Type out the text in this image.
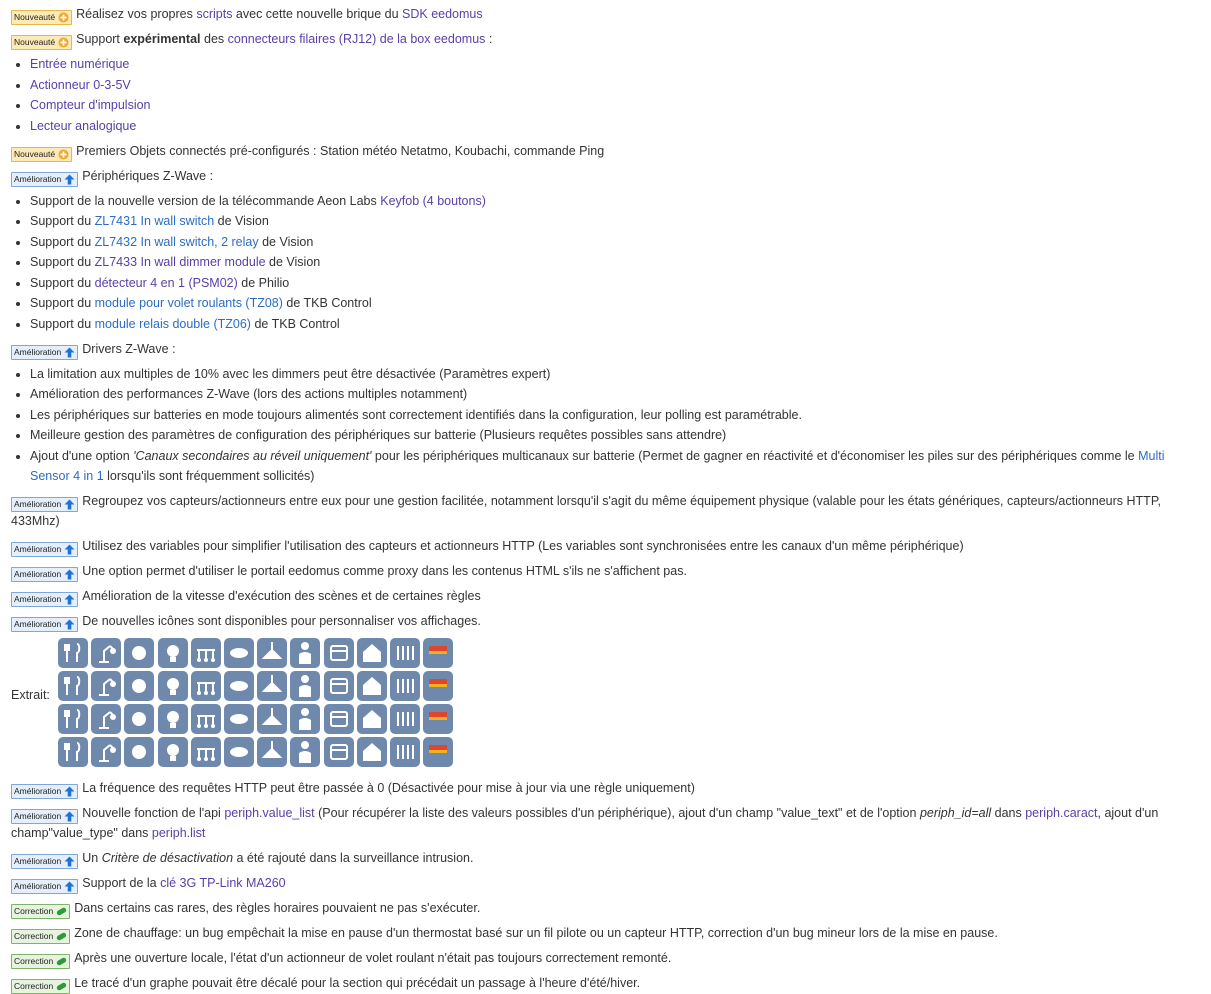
Nouveauté Réalisez vos propres scripts avec cette nouvelle brique du SDK eedomus
Nouveauté Support expérimental des connecteurs filaires (RJ12) de la box eedomus :
• Entrée numérique
• Actionneur 0-3-5V
• Compteur d'impulsion
• Lecteur analogique
Nouveauté Premiers Objets connectés pré-configurés : Station météo Netatmo, Koubachi, commande Ping
Amélioration Périphériques Z-Wave :
• Support de la nouvelle version de la télécommande Aeon Labs Keyfob (4 boutons)
• Support du ZL7431 In wall switch de Vision
• Support du ZL7432 In wall switch, 2 relay de Vision
• Support du ZL7433 In wall dimmer module de Vision
• Support du détecteur 4 en 1 (PSM02) de Philio
• Support du module pour volet roulants (TZ08) de TKB Control
• Support du module relais double (TZ06) de TKB Control
Amélioration Drivers Z-Wave :
• La limitation aux multiples de 10% avec les dimmers peut être désactivée (Paramètres expert)
• Amélioration des performances Z-Wave (lors des actions multiples notamment)
• Les périphériques sur batteries en mode toujours alimentés sont correctement identifiés dans la configuration, leur polling est paramétrable.
• Meilleure gestion des paramètres de configuration des périphériques sur batterie (Plusieurs requêtes possibles sans attendre)
• Ajout d'une option 'Canaux secondaires au réveil uniquement' pour les périphériques multicanaux sur batterie (Permet de gagner en réactivité et d'économiser les piles sur des périphériques comme le Multi Sensor 4 in 1 lorsqu'ils sont fréquemment sollicités)
Amélioration Regroupez vos capteurs/actionneurs entre eux pour une gestion facilitée, notamment lorsqu'il s'agit du même équipement physique (valable pour les états génériques, capteurs/actionneurs HTTP, 433Mhz)
Amélioration Utilisez des variables pour simplifier l'utilisation des capteurs et actionneurs HTTP (Les variables sont synchronisées entre les canaux d'un même périphérique)
Amélioration Une option permet d'utiliser le portail eedomus comme proxy dans les contenus HTML s'ils ne s'affichent pas.
Amélioration Amélioration de la vitesse d'exécution des scènes et de certaines règles
Amélioration De nouvelles icônes sont disponibles pour personnaliser vos affichages.
Extrait:
Amélioration La fréquence des requêtes HTTP peut être passée à 0 (Désactivée pour mise à jour via une règle uniquement)
Amélioration Nouvelle fonction de l'api periph.value_list (Pour récupérer la liste des valeurs possibles d'un périphérique), ajout d'un champ "value_text" et de l'option periph_id=all dans periph.caract, ajout d'un champ"value_type" dans periph.list
Amélioration Un Critère de désactivation a été rajouté dans la surveillance intrusion.
Amélioration Support de la clé 3G TP-Link MA260
Correction Dans certains cas rares, des règles horaires pouvaient ne pas s'exécuter.
Correction Zone de chauffage: un bug empêchait la mise en pause d'un thermostat basé sur un fil pilote ou un capteur HTTP, correction d'un bug mineur lors de la mise en pause.
Correction Après une ouverture locale, l'état d'un actionneur de volet roulant n'était pas toujours correctement remonté.
Correction Le tracé d'un graphe pouvait être décalé pour la section qui précédait un passage à l'heure d'été/hiver.
